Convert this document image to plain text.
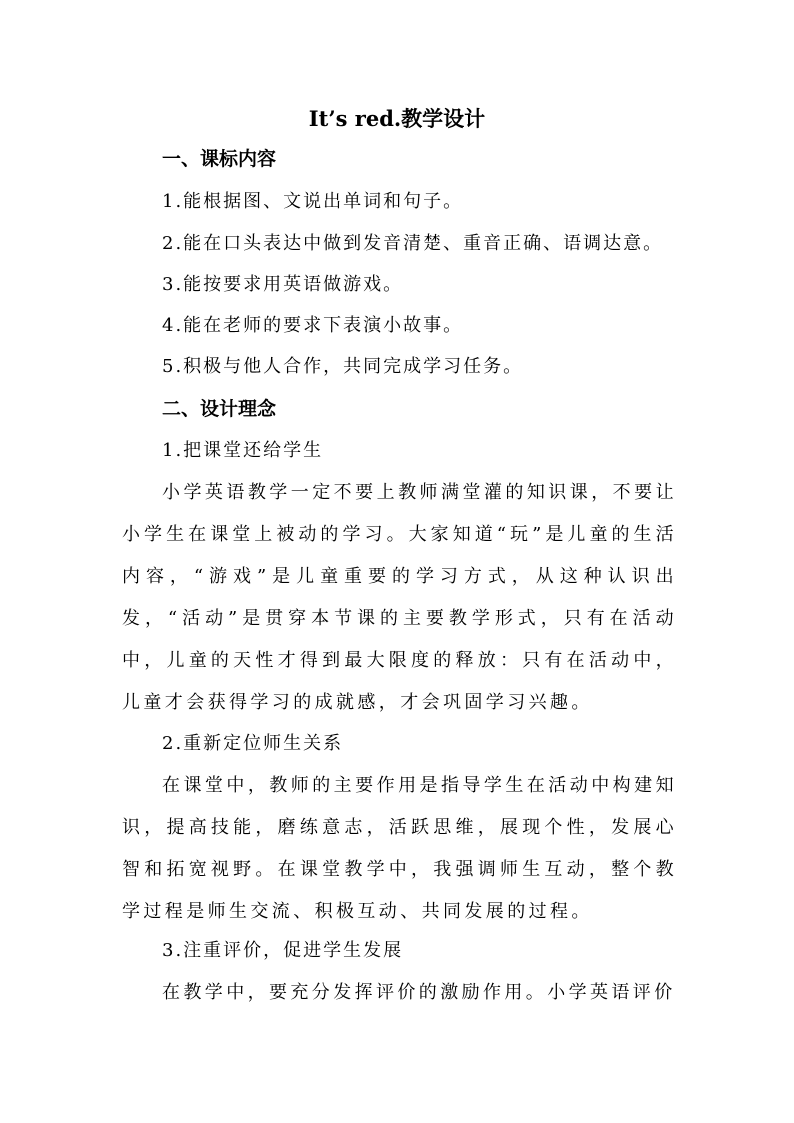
It’s red.教学设计
一、课标内容
1.能根据图、文说出单词和句子。
2.能在口头表达中做到发音清楚、重音正确、语调达意。
3.能按要求用英语做游戏。
4.能在老师的要求下表演小故事。
5.积极与他人合作，共同完成学习任务。
二、设计理念
1.把课堂还给学生
小学英语教学一定不要上教师满堂灌的知识课，不要让小学生在课堂上被动的学习。大家知道“玩”是儿童的生活内容，“游戏”是儿童重要的学习方式，从这种认识出发，“活动”是贯穿本节课的主要教学形式，只有在活动中，儿童的天性才得到最大限度的释放：只有在活动中，儿童才会获得学习的成就感，才会巩固学习兴趣。
2.重新定位师生关系
在课堂中，教师的主要作用是指导学生在活动中构建知识，提高技能，磨练意志，活跃思维，展现个性，发展心智和拓宽视野。在课堂教学中，我强调师生互动，整个教学过程是师生交流、积极互动、共同发展的过程。
3.注重评价，促进学生发展
在教学中，要充分发挥评价的激励作用。小学英语评价
